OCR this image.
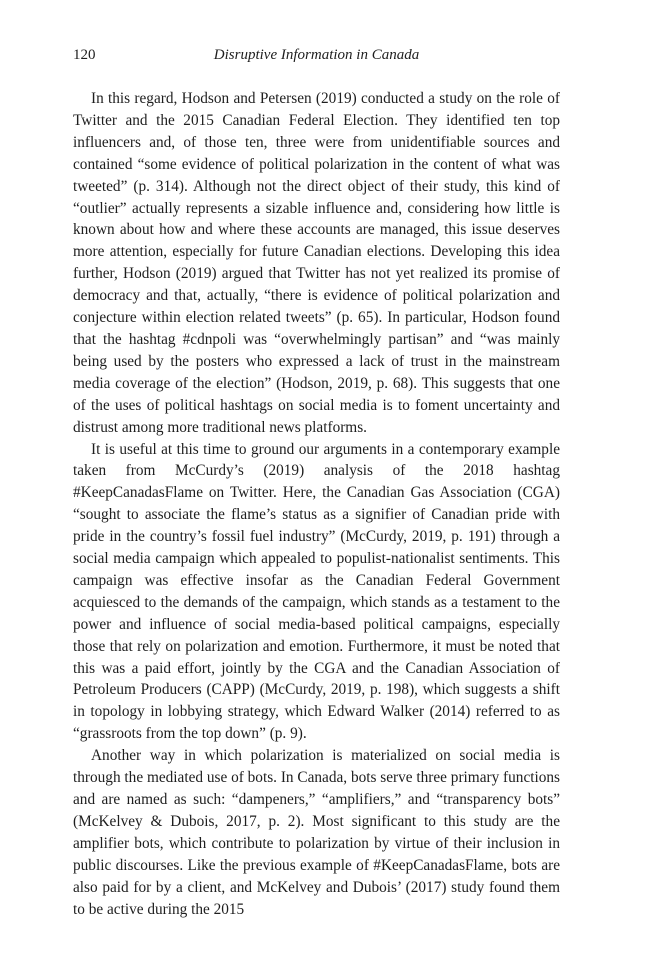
120	Disruptive Information in Canada

In this regard, Hodson and Petersen (2019) conducted a study on the role of Twitter and the 2015 Canadian Federal Election. They identified ten top influencers and, of those ten, three were from unidentifiable sources and contained “some evidence of political polarization in the content of what was tweeted” (p. 314). Although not the direct object of their study, this kind of “outlier” actually represents a sizable influence and, considering how little is known about how and where these accounts are managed, this issue deserves more attention, especially for future Canadian elections. Developing this idea further, Hodson (2019) argued that Twitter has not yet realized its promise of democracy and that, actually, “there is evidence of political polarization and conjecture within election related tweets” (p. 65). In particular, Hodson found that the hashtag #cdnpoli was “overwhelmingly partisan” and “was mainly being used by the posters who expressed a lack of trust in the mainstream media coverage of the election” (Hodson, 2019, p. 68). This suggests that one of the uses of political hashtags on social media is to foment uncertainty and distrust among more traditional news platforms.

It is useful at this time to ground our arguments in a contemporary example taken from McCurdy’s (2019) analysis of the 2018 hashtag #KeepCanadasFlame on Twitter. Here, the Canadian Gas Association (CGA) “sought to associate the flame’s status as a signifier of Canadian pride with pride in the country’s fossil fuel industry” (McCurdy, 2019, p. 191) through a social media campaign which appealed to populist-nationalist sentiments. This campaign was effective insofar as the Canadian Federal Government acquiesced to the demands of the campaign, which stands as a testament to the power and influence of social media-based political campaigns, especially those that rely on polarization and emotion. Furthermore, it must be noted that this was a paid effort, jointly by the CGA and the Canadian Association of Petroleum Producers (CAPP) (McCurdy, 2019, p. 198), which suggests a shift in topology in lobbying strategy, which Edward Walker (2014) referred to as “grassroots from the top down” (p. 9).

Another way in which polarization is materialized on social media is through the mediated use of bots. In Canada, bots serve three primary functions and are named as such: “dampeners,” “amplifiers,” and “transparency bots” (McKelvey & Dubois, 2017, p. 2). Most significant to this study are the amplifier bots, which contribute to polarization by virtue of their inclusion in public discourses. Like the previous example of #KeepCanadasFlame, bots are also paid for by a client, and McKelvey and Dubois’ (2017) study found them to be active during the 2015
